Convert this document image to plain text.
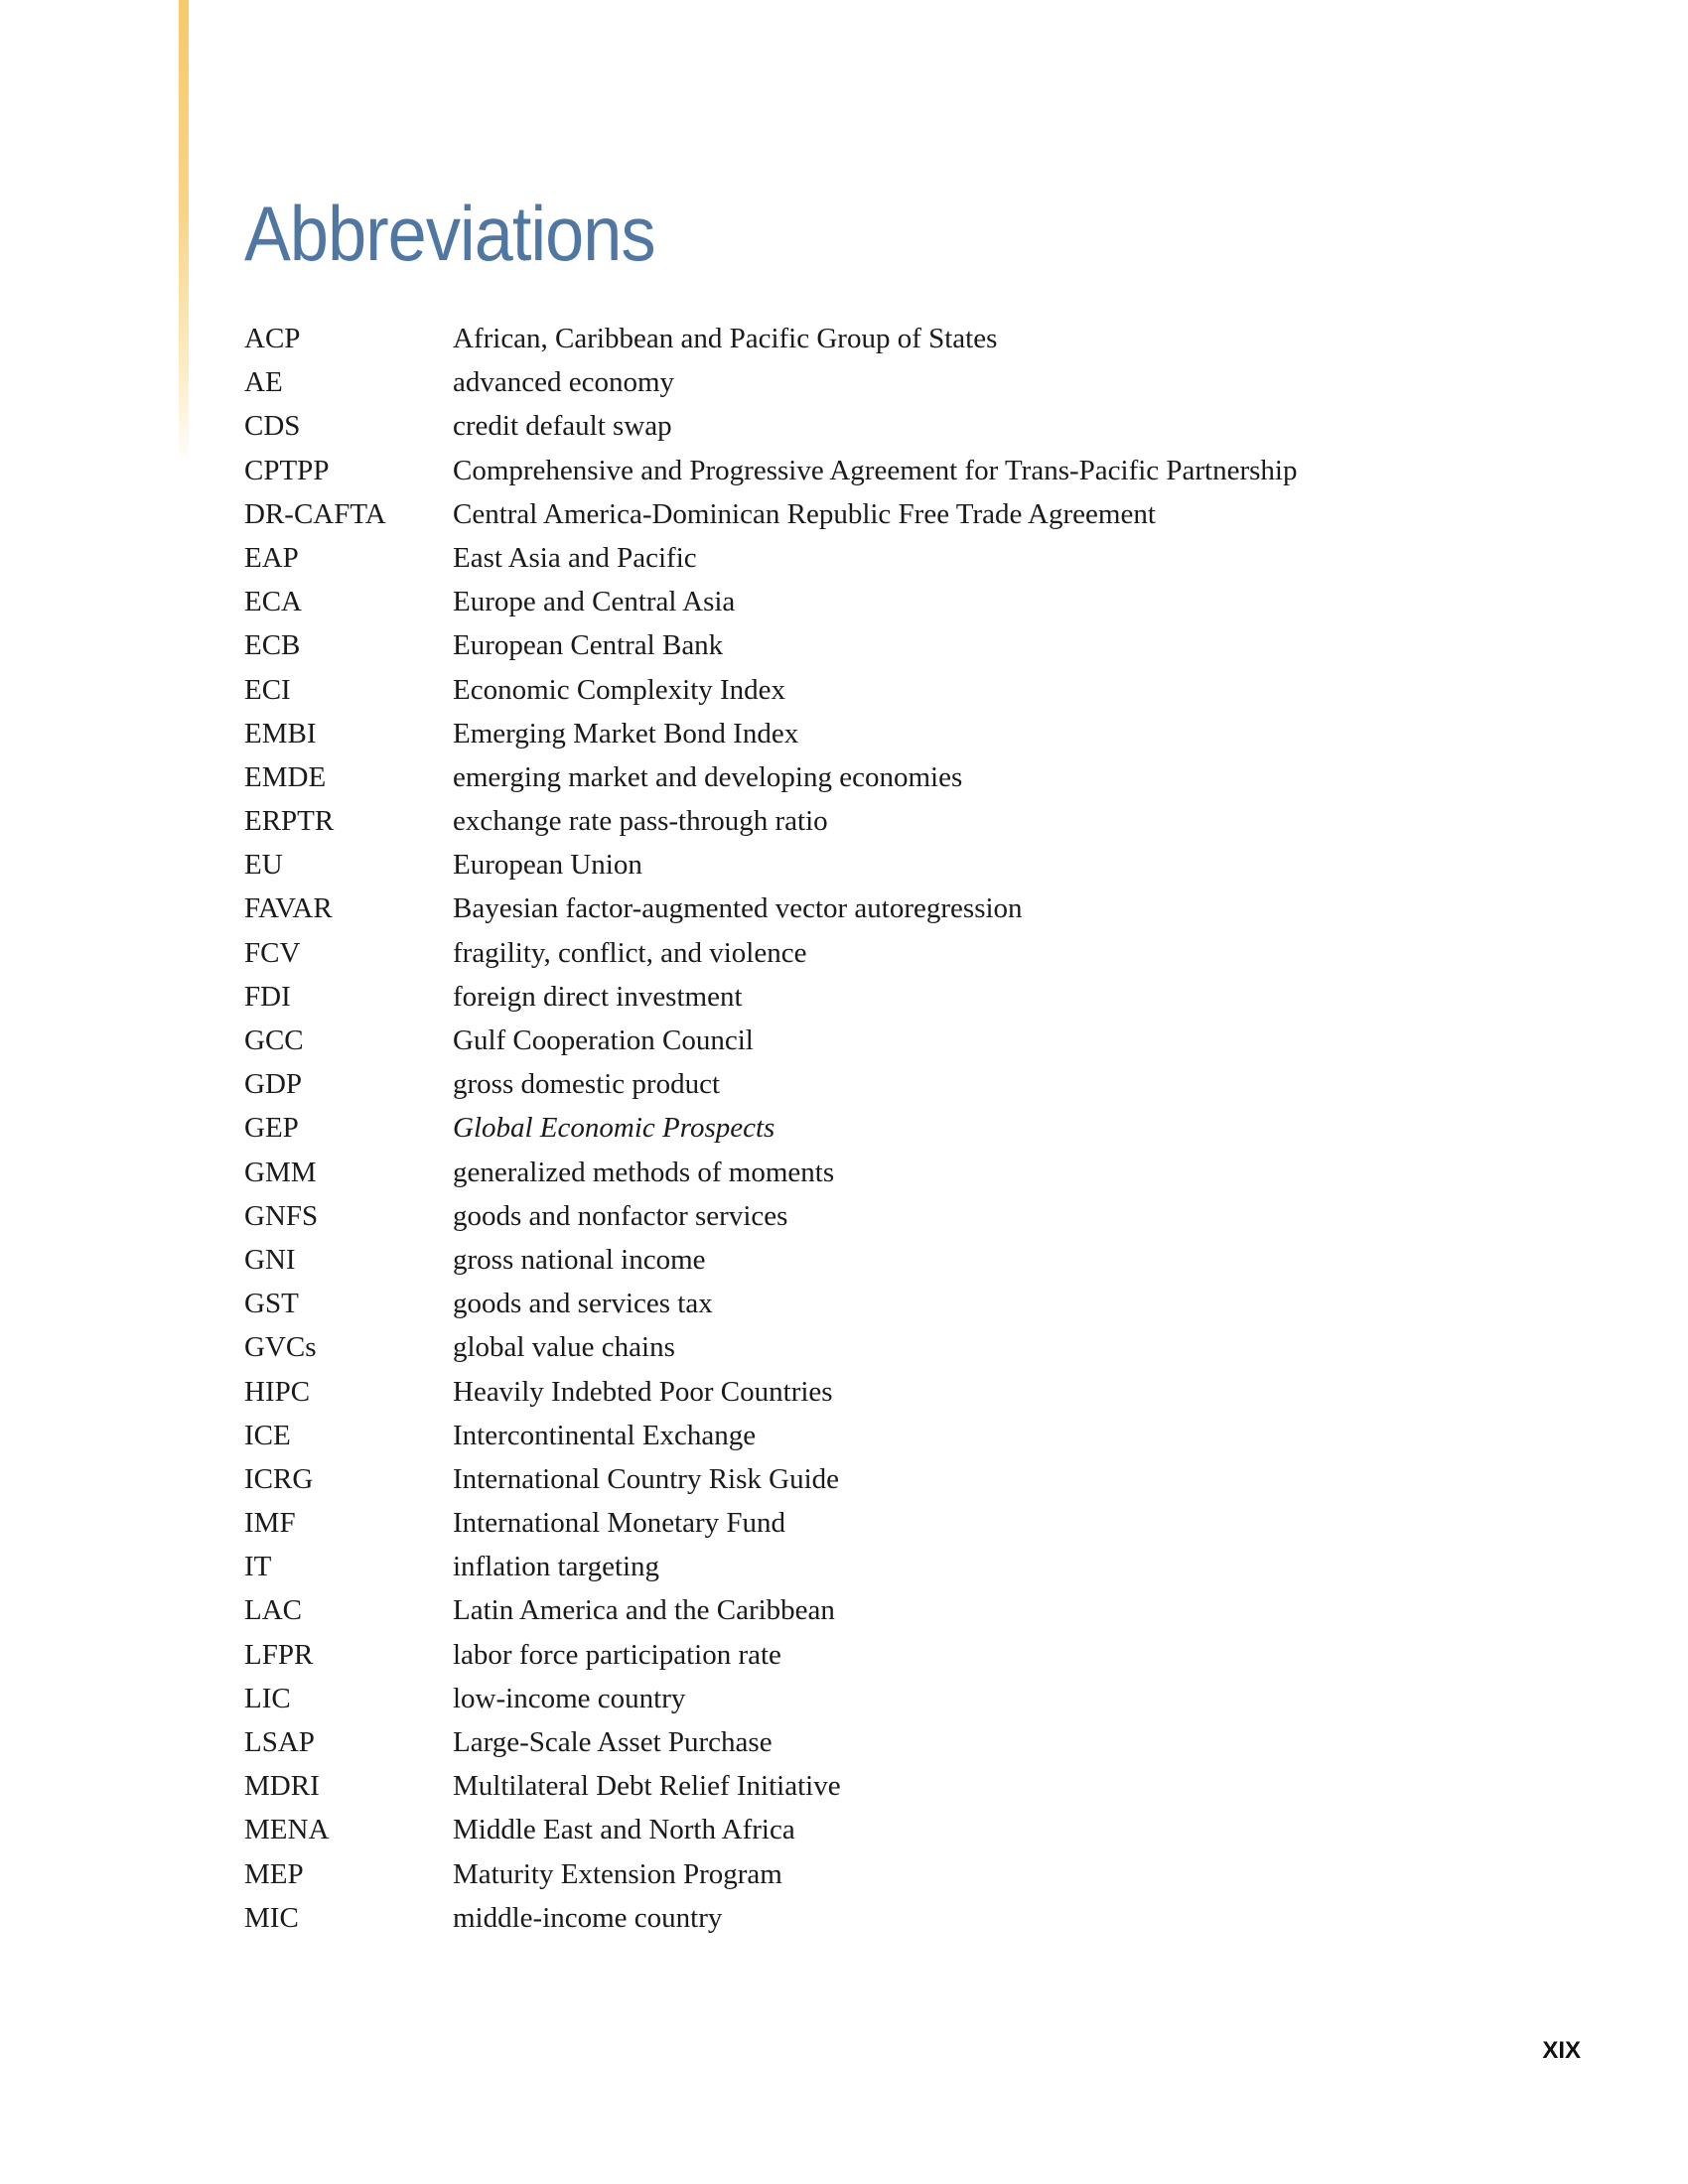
Abbreviations
ACP	African, Caribbean and Pacific Group of States
AE	advanced economy
CDS	credit default swap
CPTPP	Comprehensive and Progressive Agreement for Trans-Pacific Partnership
DR-CAFTA	Central America-Dominican Republic Free Trade Agreement
EAP	East Asia and Pacific
ECA	Europe and Central Asia
ECB	European Central Bank
ECI	Economic Complexity Index
EMBI	Emerging Market Bond Index
EMDE	emerging market and developing economies
ERPTR	exchange rate pass-through ratio
EU	European Union
FAVAR	Bayesian factor-augmented vector autoregression
FCV	fragility, conflict, and violence
FDI	foreign direct investment
GCC	Gulf Cooperation Council
GDP	gross domestic product
GEP	Global Economic Prospects
GMM	generalized methods of moments
GNFS	goods and nonfactor services
GNI	gross national income
GST	goods and services tax
GVCs	global value chains
HIPC	Heavily Indebted Poor Countries
ICE	Intercontinental Exchange
ICRG	International Country Risk Guide
IMF	International Monetary Fund
IT	inflation targeting
LAC	Latin America and the Caribbean
LFPR	labor force participation rate
LIC	low-income country
LSAP	Large-Scale Asset Purchase
MDRI	Multilateral Debt Relief Initiative
MENA	Middle East and North Africa
MEP	Maturity Extension Program
MIC	middle-income country
XIX
